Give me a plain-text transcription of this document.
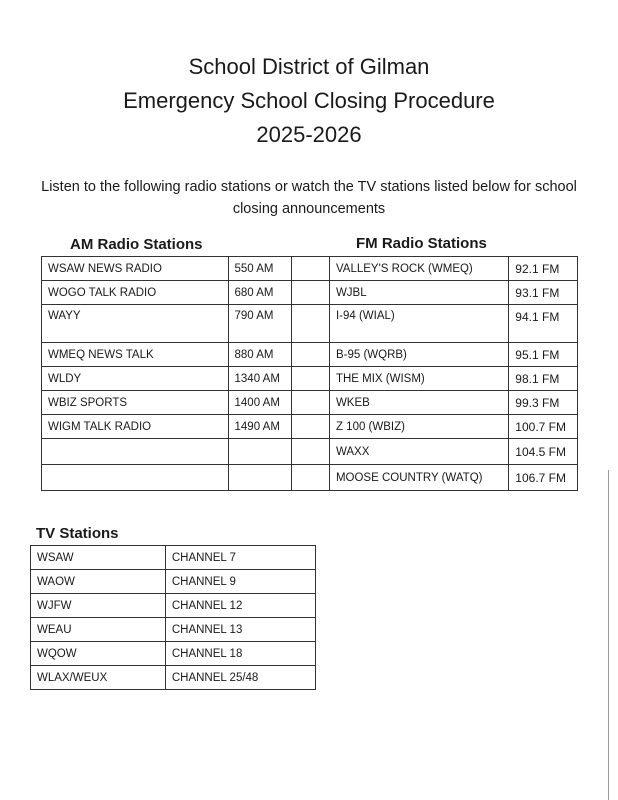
School District of Gilman
Emergency School Closing Procedure
2025-2026
Listen to the following radio stations or watch the TV stations listed below for school
closing announcements
AM Radio Stations	FM Radio Stations
WSAW NEWS RADIO	550 AM		VALLEY'S ROCK (WMEQ)	92.1 FM
WOGO TALK RADIO	680 AM		WJBL	93.1 FM
WAYY	790 AM		I-94 (WIAL)	94.1 FM
WMEQ NEWS TALK	880 AM		B-95 (WQRB)	95.1 FM
WLDY	1340 AM		THE MIX (WISM)	98.1 FM
WBIZ SPORTS	1400 AM		WKEB	99.3 FM
WIGM TALK RADIO	1490 AM		Z 100 (WBIZ)	100.7 FM
			WAXX	104.5 FM
			MOOSE COUNTRY (WATQ)	106.7 FM
TV Stations
WSAW	CHANNEL 7
WAOW	CHANNEL 9
WJFW	CHANNEL 12
WEAU	CHANNEL 13
WQOW	CHANNEL 18
WLAX/WEUX	CHANNEL 25/48
